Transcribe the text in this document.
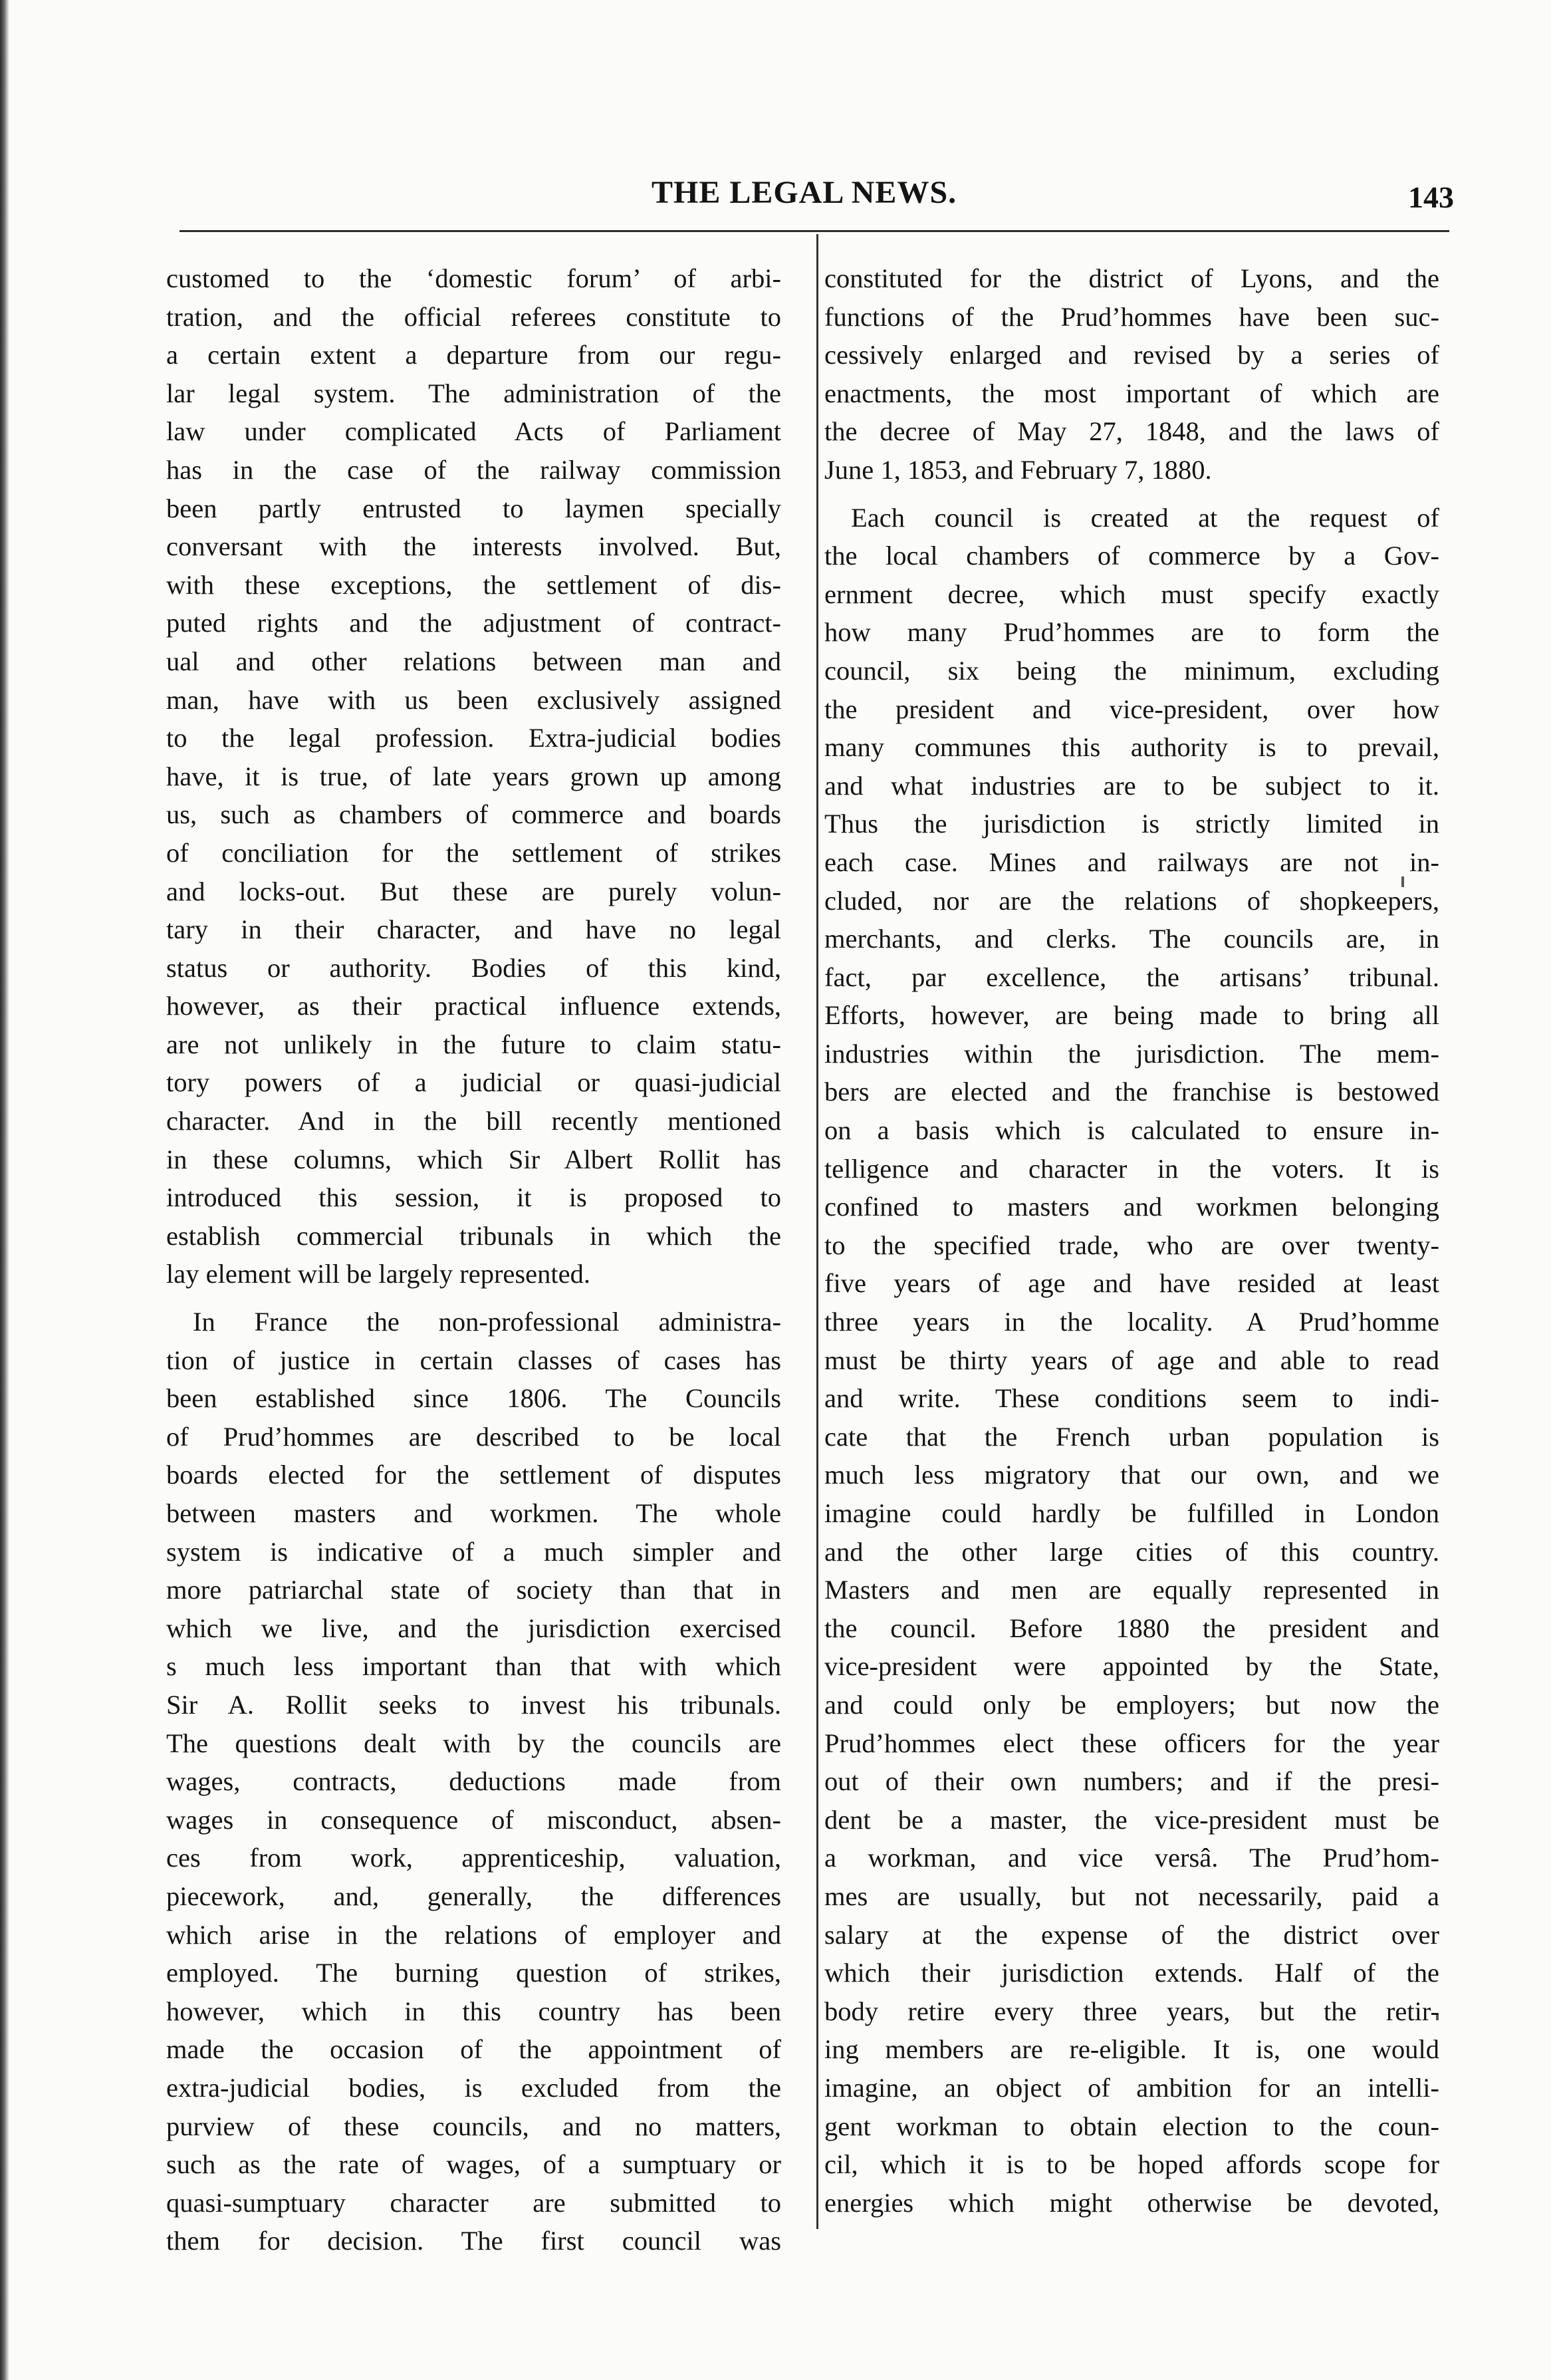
THE LEGAL NEWS.	143

customed to the ‘domestic forum’ of arbi-

tration, and the official referees constitute to

a certain extent a departure from our regu-

lar legal system. The administration of the

law under complicated Acts of Parliament

has in the case of the railway commission

been partly entrusted to laymen specially

conversant with the interests involved. But,

with these exceptions, the settlement of dis-

puted rights and the adjustment of contract-

ual and other relations between man and

man, have with us been exclusively assigned

to the legal profession. Extra-judicial bodies

have, it is true, of late years grown up among

us, such as chambers of commerce and boards

of conciliation for the settlement of strikes

and locks-out. But these are purely volun-

tary in their character, and have no legal

status or authority. Bodies of this kind,

however, as their practical influence extends,

are not unlikely in the future to claim statu-

tory powers of a judicial or quasi-judicial

character. And in the bill recently mentioned

in these columns, which Sir Albert Rollit has

introduced this session, it is proposed to

establish commercial tribunals in which the

lay element will be largely represented.

In France the non-professional administra-

tion of justice in certain classes of cases has

been established since 1806. The Councils

of Prud’hommes are described to be local

boards elected for the settlement of disputes

between masters and workmen. The whole

system is indicative of a much simpler and

more patriarchal state of society than that in

which we live, and the jurisdiction exercised

s much less important than that with which

Sir A. Rollit seeks to invest his tribunals.

The questions dealt with by the councils are

wages, contracts, deductions made from

wages in consequence of misconduct, absen-

ces from work, apprenticeship, valuation,

piecework, and, generally, the differences

which arise in the relations of employer and

employed. The burning question of strikes,

however, which in this country has been

made the occasion of the appointment of

extra-judicial bodies, is excluded from the

purview of these councils, and no matters,

such as the rate of wages, of a sumptuary or

quasi-sumptuary character are submitted to

them for decision. The first council was

constituted for the district of Lyons, and the

functions of the Prud’hommes have been suc-

cessively enlarged and revised by a series of

enactments, the most important of which are

the decree of May 27, 1848, and the laws of

June 1, 1853, and February 7, 1880.

Each council is created at the request of

the local chambers of commerce by a Gov-

ernment decree, which must specify exactly

how many Prud’hommes are to form the

council, six being the minimum, excluding

the president and vice-president, over how

many communes this authority is to prevail,

and what industries are to be subject to it.

Thus the jurisdiction is strictly limited in

each case. Mines and railways are not in-

cluded, nor are the relations of shopkeepers,

merchants, and clerks. The councils are, in

fact, par excellence, the artisans’ tribunal.

Efforts, however, are being made to bring all

industries within the jurisdiction. The mem-

bers are elected and the franchise is bestowed

on a basis which is calculated to ensure in-

telligence and character in the voters. It is

confined to masters and workmen belonging

to the specified trade, who are over twenty-

five years of age and have resided at least

three years in the locality. A Prud’homme

must be thirty years of age and able to read

and write. These conditions seem to indi-

cate that the French urban population is

much less migratory that our own, and we

imagine could hardly be fulfilled in London

and the other large cities of this country.

Masters and men are equally represented in

the council. Before 1880 the president and

vice-president were appointed by the State,

and could only be employers; but now the

Prud’hommes elect these officers for the year

out of their own numbers; and if the presi-

dent be a master, the vice-president must be

a workman, and vice versâ. The Prud’hom-

mes are usually, but not necessarily, paid a

salary at the expense of the district over

which their jurisdiction extends. Half of the

body retire every three years, but the retir-

ing members are re-eligible. It is, one would

imagine, an object of ambition for an intelli-

gent workman to obtain election to the coun-

cil, which it is to be hoped affords scope for

energies which might otherwise be devoted,
